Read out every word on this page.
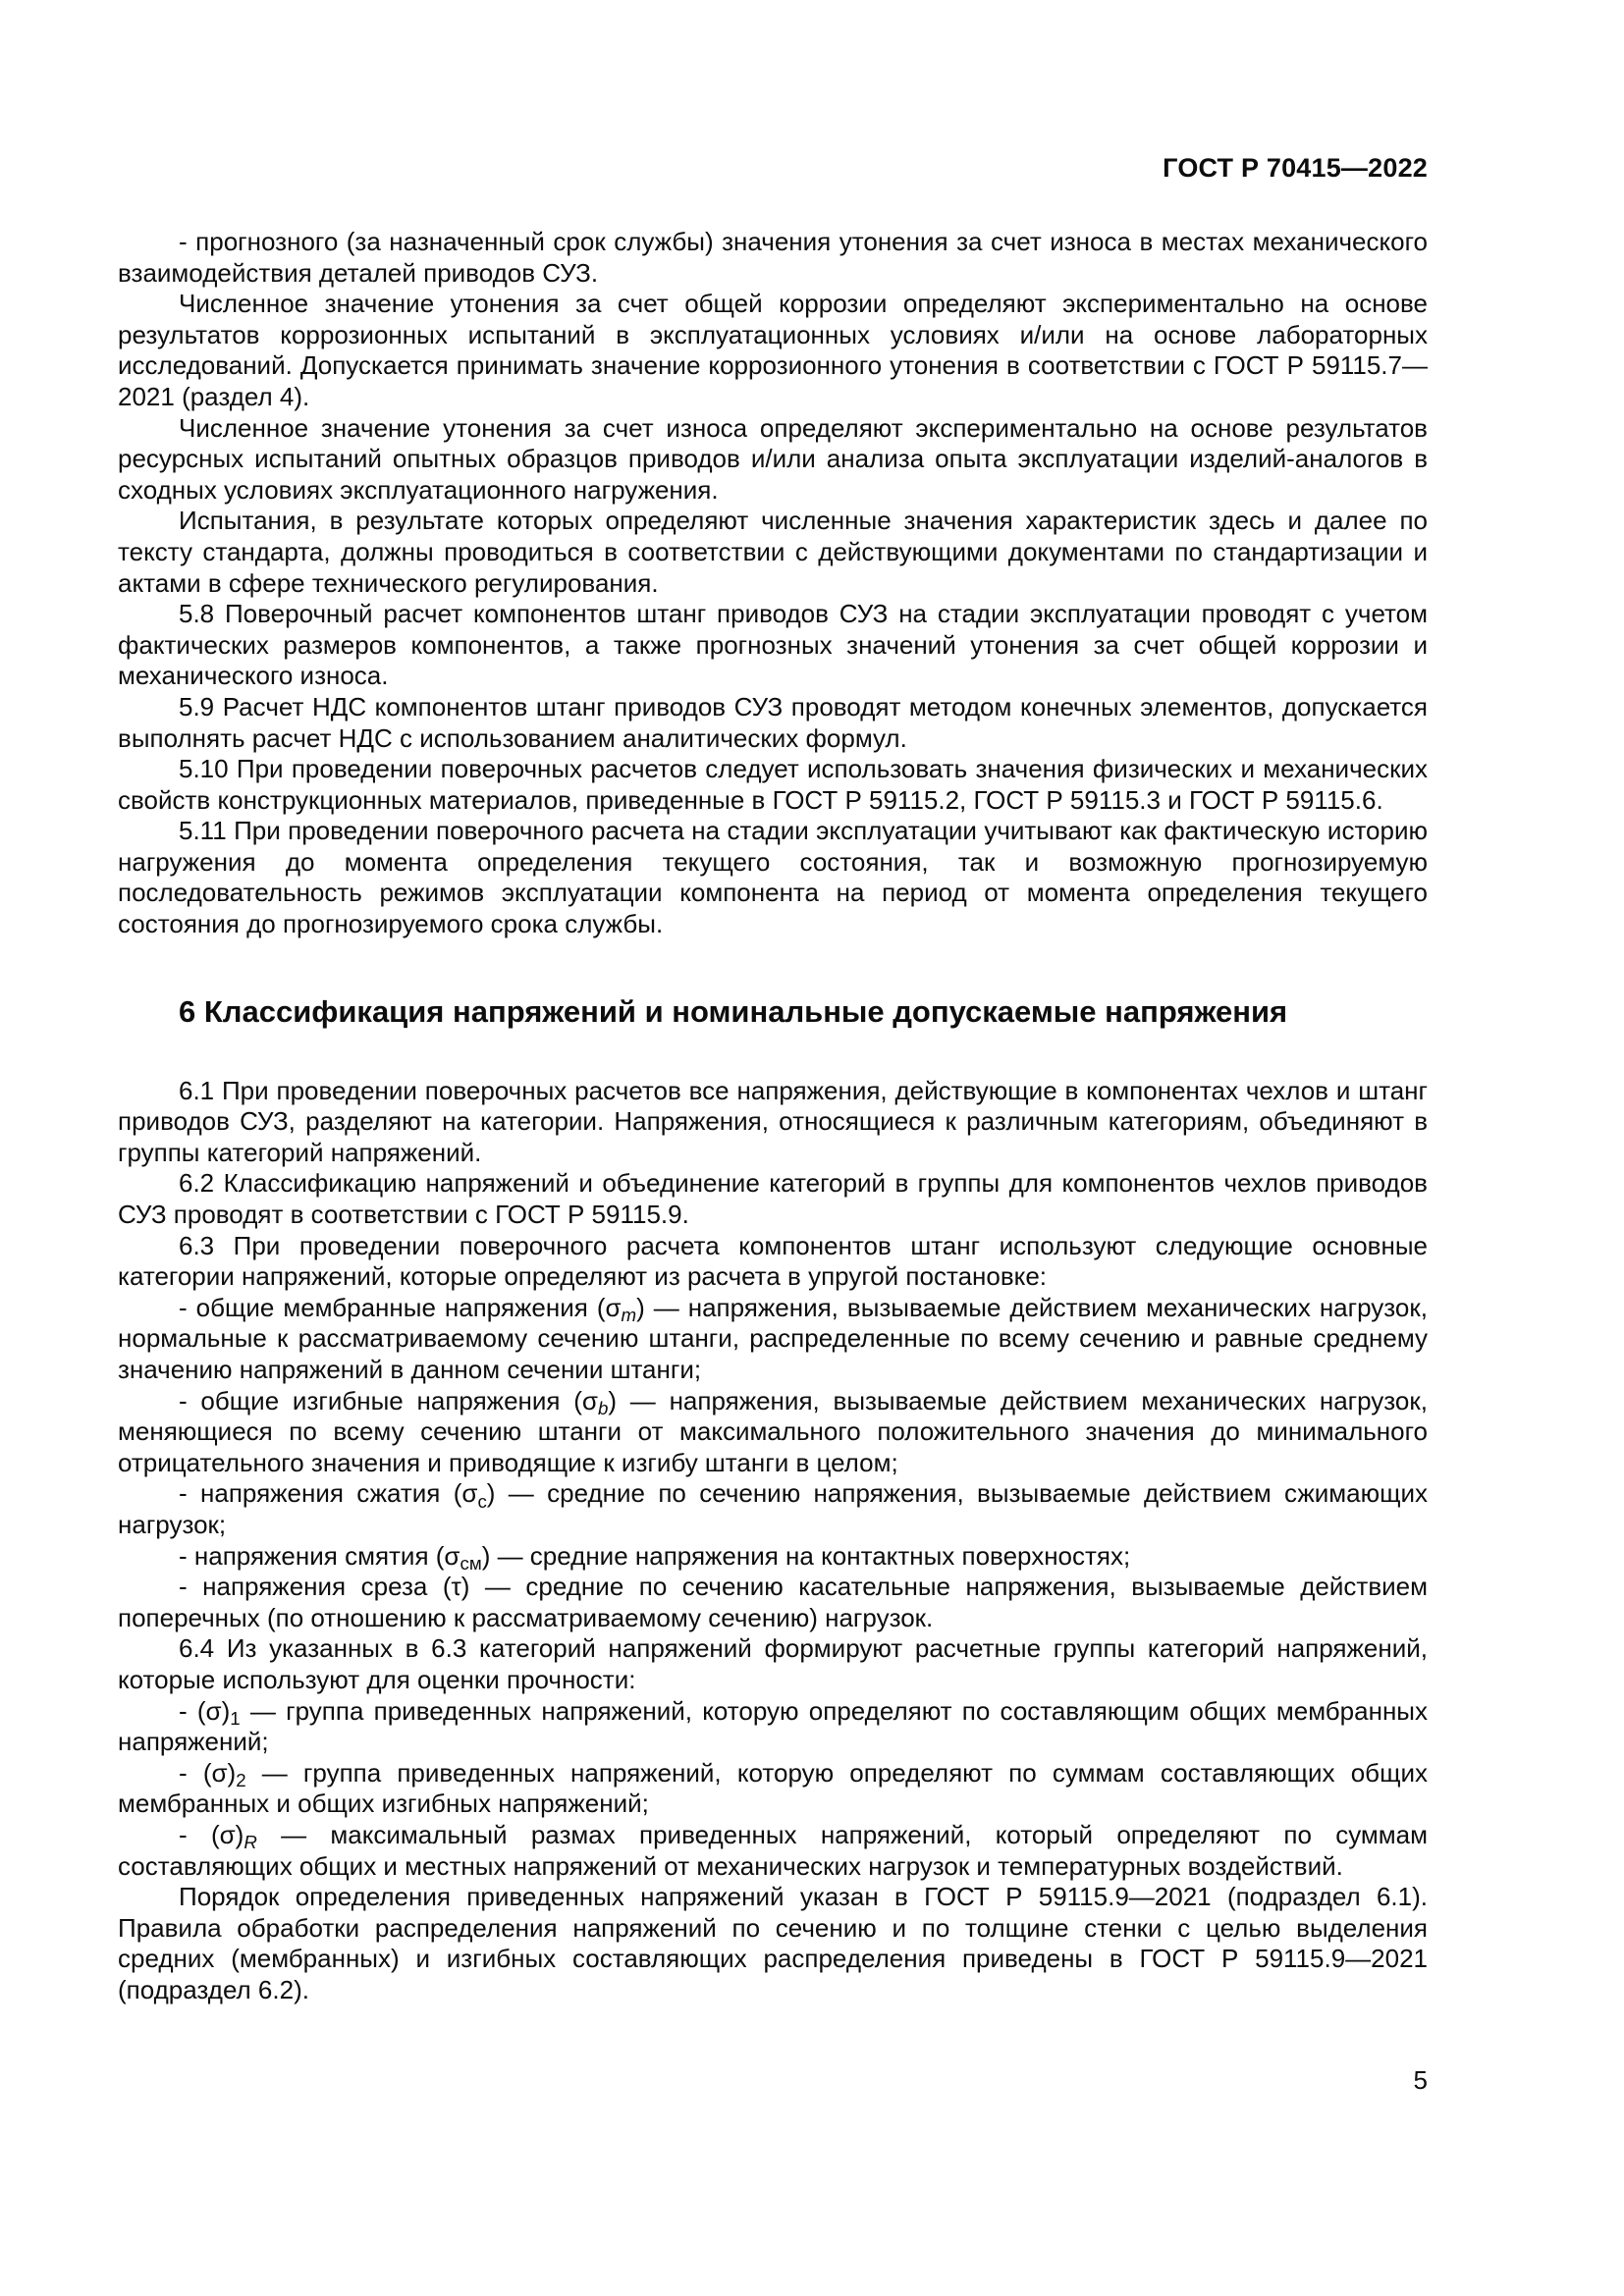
ГОСТ Р 70415—2022

- прогнозного (за назначенный срок службы) значения утонения за счет износа в местах механического взаимодействия деталей приводов СУЗ.

Численное значение утонения за счет общей коррозии определяют экспериментально на основе результатов коррозионных испытаний в эксплуатационных условиях и/или на основе лабораторных исследований. Допускается принимать значение коррозионного утонения в соответствии с ГОСТ Р 59115.7—2021 (раздел 4).

Численное значение утонения за счет износа определяют экспериментально на основе результатов ресурсных испытаний опытных образцов приводов и/или анализа опыта эксплуатации изделий-аналогов в сходных условиях эксплуатационного нагружения.

Испытания, в результате которых определяют численные значения характеристик здесь и далее по тексту стандарта, должны проводиться в соответствии с действующими документами по стандартизации и актами в сфере технического регулирования.

5.8 Поверочный расчет компонентов штанг приводов СУЗ на стадии эксплуатации проводят с учетом фактических размеров компонентов, а также прогнозных значений утонения за счет общей коррозии и механического износа.

5.9 Расчет НДС компонентов штанг приводов СУЗ проводят методом конечных элементов, допускается выполнять расчет НДС с использованием аналитических формул.

5.10 При проведении поверочных расчетов следует использовать значения физических и механических свойств конструкционных материалов, приведенные в ГОСТ Р 59115.2, ГОСТ Р 59115.3 и ГОСТ Р 59115.6.

5.11 При проведении поверочного расчета на стадии эксплуатации учитывают как фактическую историю нагружения до момента определения текущего состояния, так и возможную прогнозируемую последовательность режимов эксплуатации компонента на период от момента определения текущего состояния до прогнозируемого срока службы.

6 Классификация напряжений и номинальные допускаемые напряжения

6.1 При проведении поверочных расчетов все напряжения, действующие в компонентах чехлов и штанг приводов СУЗ, разделяют на категории. Напряжения, относящиеся к различным категориям, объединяют в группы категорий напряжений.

6.2 Классификацию напряжений и объединение категорий в группы для компонентов чехлов приводов СУЗ проводят в соответствии с ГОСТ Р 59115.9.

6.3 При проведении поверочного расчета компонентов штанг используют следующие основные категории напряжений, которые определяют из расчета в упругой постановке:

- общие мембранные напряжения $(\sigma_m)$ — напряжения, вызываемые действием механических нагрузок, нормальные к рассматриваемому сечению штанги, распределенные по всему сечению и равные среднему значению напряжений в данном сечении штанги;

- общие изгибные напряжения $(\sigma_b)$ — напряжения, вызываемые действием механических нагрузок, меняющиеся по всему сечению штанги от максимального положительного значения до минимального отрицательного значения и приводящие к изгибу штанги в целом;

- напряжения сжатия $(\sigma_с)$ — средние по сечению напряжения, вызываемые действием сжимающих нагрузок;

- напряжения смятия $(\sigma_{см})$ — средние напряжения на контактных поверхностях;

- напряжения среза (τ) — средние по сечению касательные напряжения, вызываемые действием поперечных (по отношению к рассматриваемому сечению) нагрузок.

6.4 Из указанных в 6.3 категорий напряжений формируют расчетные группы категорий напряжений, которые используют для оценки прочности:

- $(\sigma)_1$ — группа приведенных напряжений, которую определяют по составляющим общих мембранных напряжений;

- $(\sigma)_2$ — группа приведенных напряжений, которую определяют по суммам составляющих общих мембранных и общих изгибных напряжений;

- $(\sigma)_R$ — максимальный размах приведенных напряжений, который определяют по суммам составляющих общих и местных напряжений от механических нагрузок и температурных воздействий.

Порядок определения приведенных напряжений указан в ГОСТ Р 59115.9—2021 (подраздел 6.1). Правила обработки распределения напряжений по сечению и по толщине стенки с целью выделения средних (мембранных) и изгибных составляющих распределения приведены в ГОСТ Р 59115.9—2021 (подраздел 6.2).

5
